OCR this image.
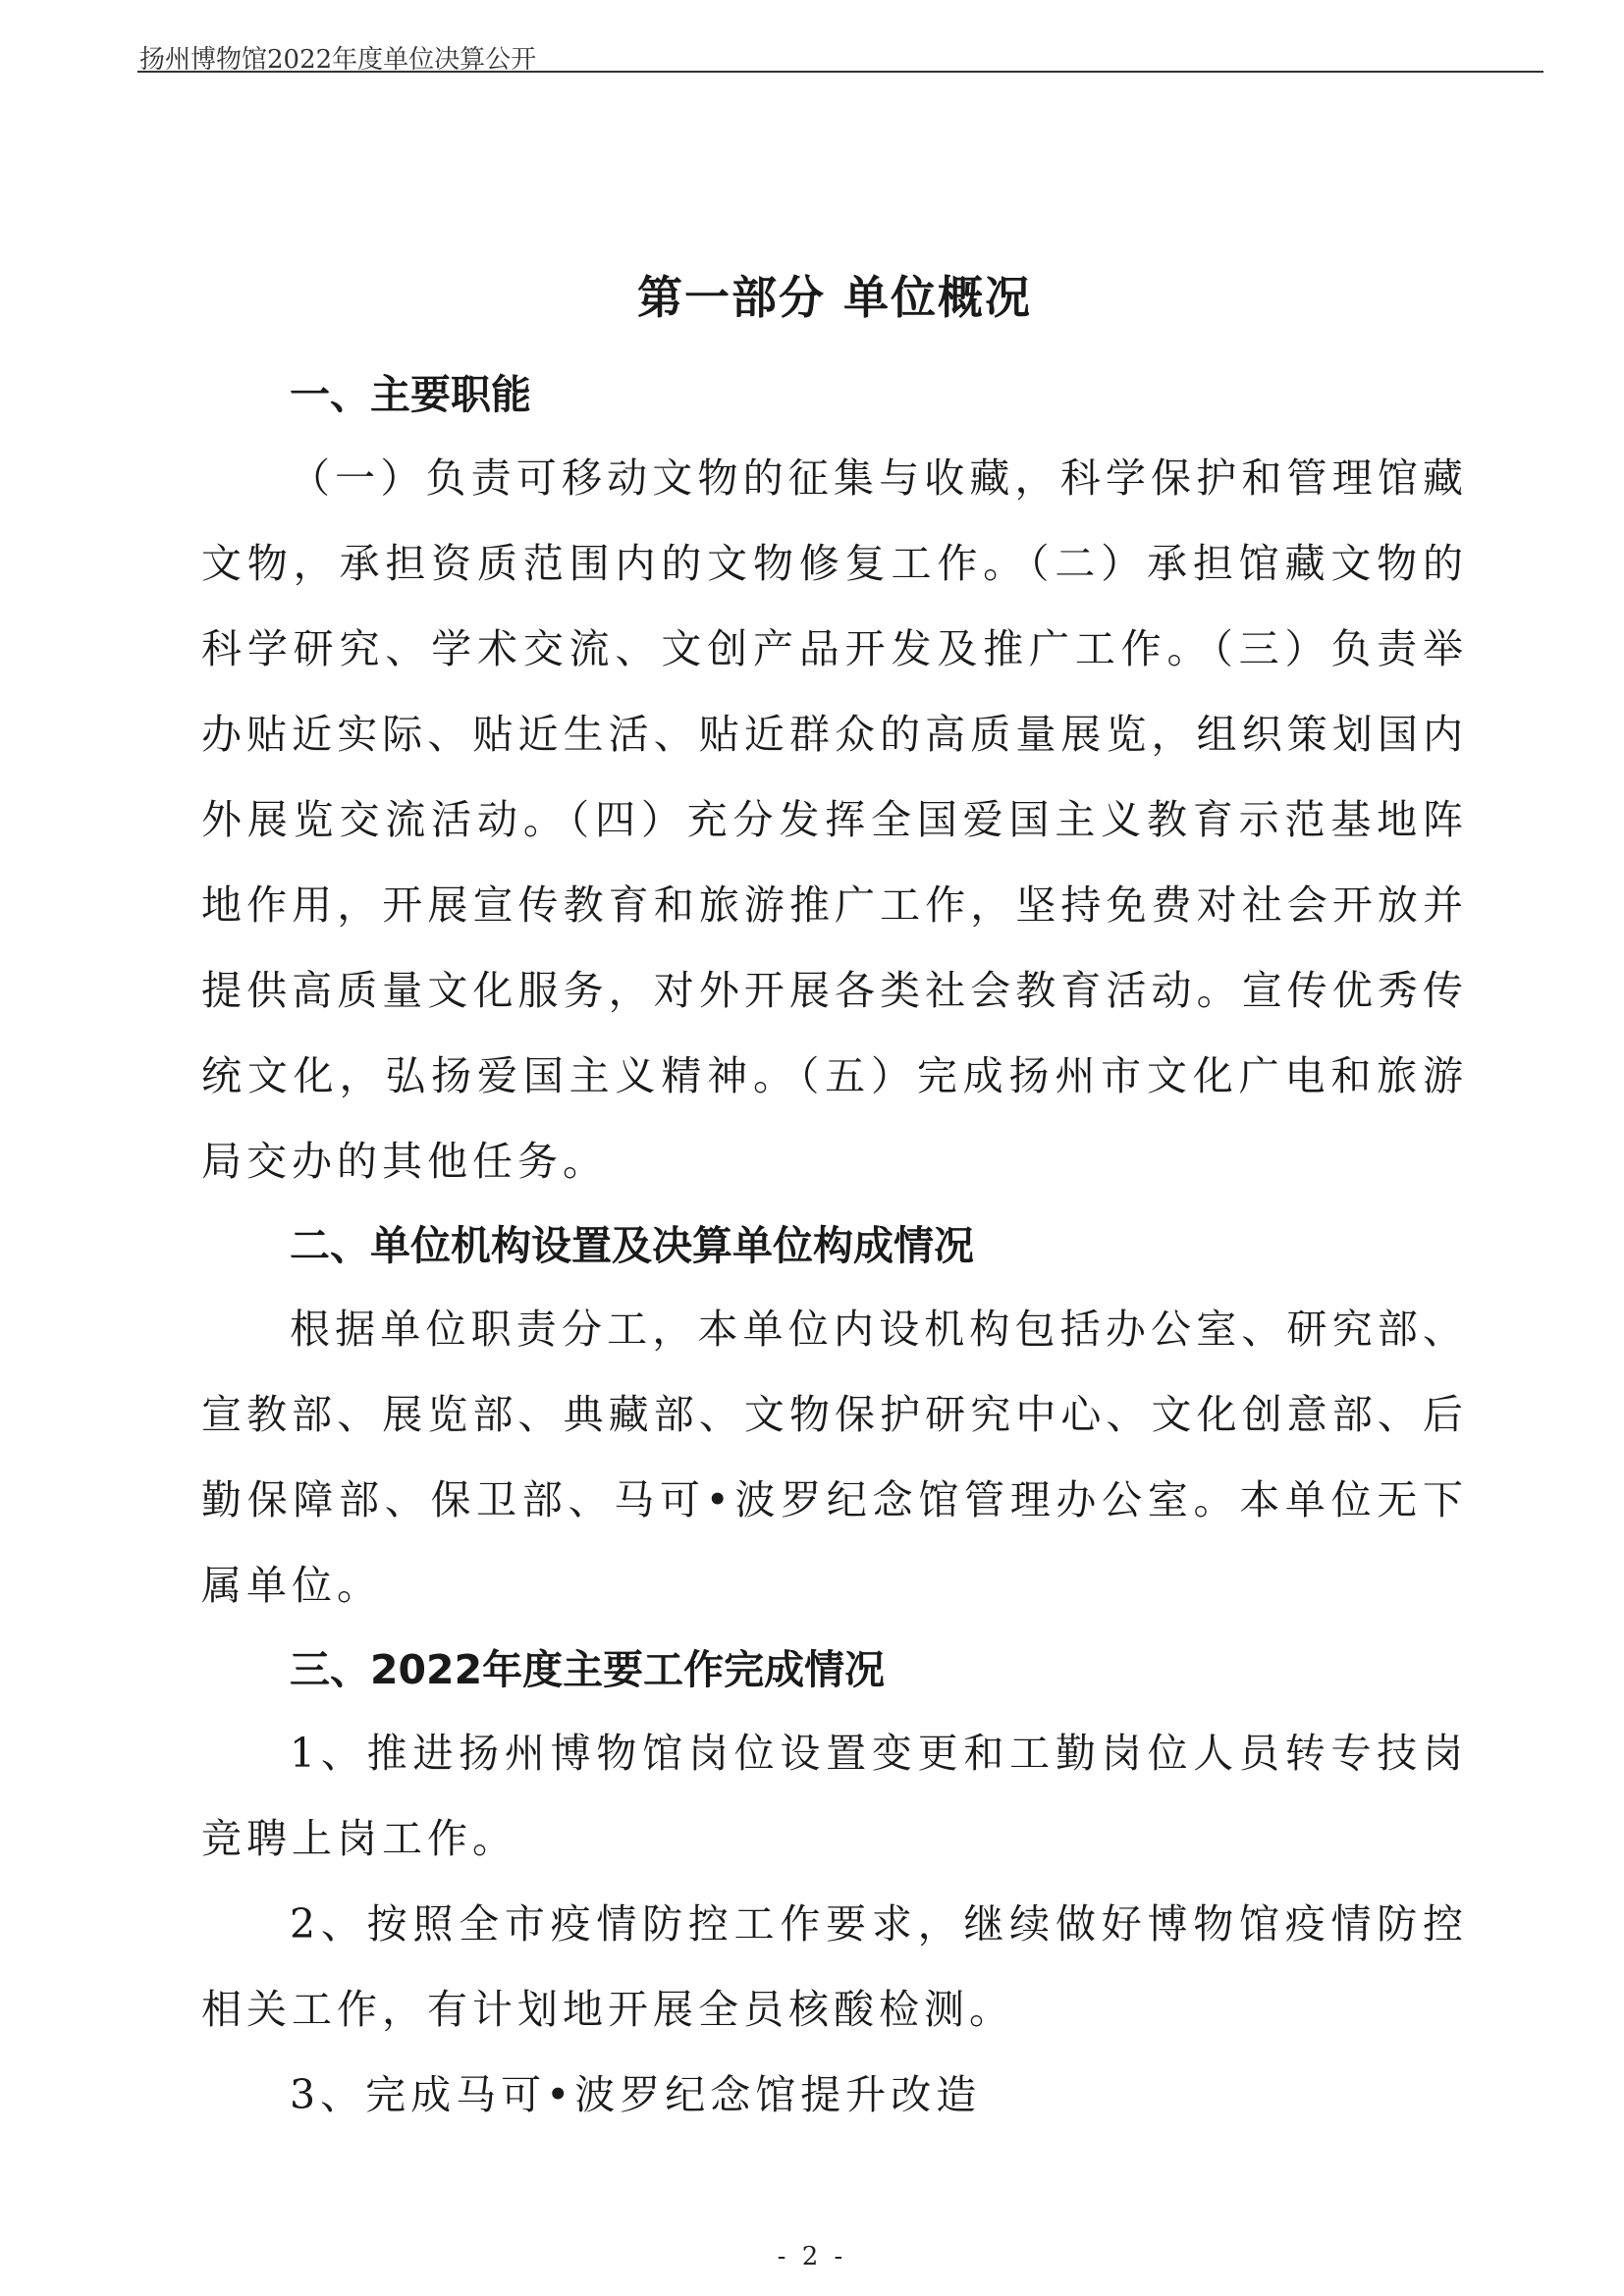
扬州博物馆2022年度单位决算公开
第一部分 单位概况
一、主要职能

（一）负责可移动文物的征集与收藏，科学保护和管理馆藏文物，承担资质范围内的文物修复工作。（二）承担馆藏文物的科学研究、学术交流、文创产品开发及推广工作。（三）负责举办贴近实际、贴近生活、贴近群众的高质量展览，组织策划国内外展览交流活动。（四）充分发挥全国爱国主义教育示范基地阵地作用，开展宣传教育和旅游推广工作，坚持免费对社会开放并提供高质量文化服务，对外开展各类社会教育活动。宣传优秀传统文化，弘扬爱国主义精神。（五）完成扬州市文化广电和旅游局交办的其他任务。

二、单位机构设置及决算单位构成情况

根据单位职责分工，本单位内设机构包括办公室、研究部、宣教部、展览部、典藏部、文物保护研究中心、文化创意部、后勤保障部、保卫部、马可•波罗纪念馆管理办公室。本单位无下属单位。

三、2022年度主要工作完成情况

1、推进扬州博物馆岗位设置变更和工勤岗位人员转专技岗竞聘上岗工作。

2、按照全市疫情防控工作要求，继续做好博物馆疫情防控相关工作，有计划地开展全员核酸检测。

3、完成马可•波罗纪念馆提升改造

- 2 -
